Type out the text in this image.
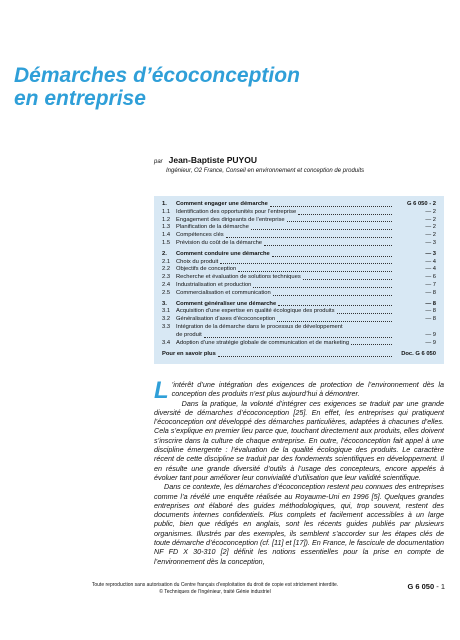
Démarches d’écoconception
en entreprise
par Jean-Baptiste PUYOU
Ingénieur, O2 France, Conseil en environnement et conception de produits
1.	Comment engager une démarche	G 6 050 - 2
1.1	Identification des opportunités pour l’entreprise	— 2
1.2	Engagement des dirigeants de l’entreprise	— 2
1.3	Planification de la démarche	— 2
1.4	Compétences clés	— 2
1.5	Prévision du coût de la démarche	— 3
2.	Comment conduire une démarche	— 3
2.1	Choix du produit	— 4
2.2	Objectifs de conception	— 4
2.3	Recherche et évaluation de solutions techniques	— 6
2.4	Industrialisation et production	— 7
2.5	Commercialisation et communication	— 8
3.	Comment généraliser une démarche	— 8
3.1	Acquisition d’une expertise en qualité écologique des produits	— 8
3.2	Généralisation d’axes d’écoconception	— 8
3.3	Intégration de la démarche dans le processus de développement
de produit	— 9
3.4	Adoption d’une stratégie globale de communication et de marketing	— 9
Pour en savoir plus	Doc. G 6 050

L ’intérêt d’une intégration des exigences de protection de l’environnement dès la conception des produits n’est plus aujourd’hui à démontrer.

Dans la pratique, la volonté d’intégrer ces exigences se traduit par une grande diversité de démarches d’écoconception [25]. En effet, les entreprises qui pratiquent l’écoconception ont développé des démarches particulières, adaptées à chacunes d’elles. Cela s’explique en premier lieu parce que, touchant directement aux produits, elles doivent s’inscrire dans la culture de chaque entreprise. En outre, l’écoconception fait appel à une discipline émergente : l’évaluation de la qualité écologique des produits. Le caractère récent de cette discipline se traduit par des fondements scientifiques en développement. Il en résulte une grande diversité d’outils à l’usage des concepteurs, encore appelés à évoluer tant pour améliorer leur convivialité d’utilisation que leur validité scientifique.

Dans ce contexte, les démarches d’écoconception restent peu connues des entreprises comme l’a révélé une enquête réalisée au Royaume-Uni en 1996 [5]. Quelques grandes entreprises ont élaboré des guides méthodologiques, qui, trop souvent, restent des documents internes confidentiels. Plus complets et facilement accessibles à un large public, bien que rédigés en anglais, sont les récents guides publiés par plusieurs organismes. Illustrés par des exemples, ils semblent s’accorder sur les étapes clés de toute démarche d’écoconception (cf. [11] et [17]). En France, le fascicule de documentation NF FD X 30-310 [2] définit les notions essentielles pour la prise en compte de l’environnement dès la conception,

Toute reproduction sans autorisation du Centre français d’exploitation du droit de copie est strictement interdite.
© Techniques de l’Ingénieur, traité Génie industriel
G 6 050 - 1
